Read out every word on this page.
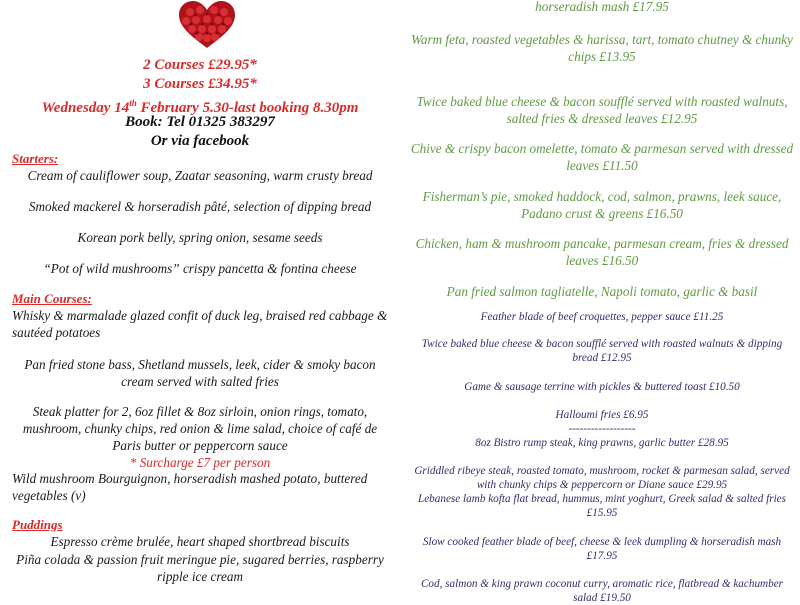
2 Courses £29.95*
3 Courses £34.95*
Wednesday 14th February 5.30-last booking 8.30pm
Book: Tel 01325 383297
Or via facebook
Starters:
Cream of cauliflower soup, Zaatar seasoning, warm crusty bread
Smoked mackerel & horseradish pâté, selection of dipping bread
Korean pork belly, spring onion, sesame seeds
“Pot of wild mushrooms” crispy pancetta & fontina cheese
Main Courses:
Whisky & marmalade glazed confit of duck leg, braised red cabbage & sautéed potatoes
Pan fried stone bass, Shetland mussels, leek, cider & smoky bacon cream served with salted fries
Steak platter for 2, 6oz fillet & 8oz sirloin, onion rings, tomato, mushroom, chunky chips, red onion & lime salad, choice of café de Paris butter or peppercorn sauce
* Surcharge £7 per person
Wild mushroom Bourguignon, horseradish mashed potato, buttered vegetables (v)
Puddings
Espresso crème brulée, heart shaped shortbread biscuits
Piña colada & passion fruit meringue pie, sugared berries, raspberry ripple ice cream
horseradish mash £17.95
Warm feta, roasted vegetables & harissa, tart, tomato chutney & chunky chips £13.95
Twice baked blue cheese & bacon soufflé served with roasted walnuts, salted fries & dressed leaves £12.95
Chive & crispy bacon omelette, tomato & parmesan served with dressed leaves £11.50
Fisherman’s pie, smoked haddock, cod, salmon, prawns, leek sauce, Padano crust & greens £16.50
Chicken, ham & mushroom pancake, parmesan cream, fries & dressed leaves £16.50
Pan fried salmon tagliatelle, Napoli tomato, garlic & basil
Feather blade of beef croquettes, pepper sauce £11.25
Twice baked blue cheese & bacon soufflé served with roasted walnuts & dipping bread £12.95
Game & sausage terrine with pickles & buttered toast £10.50
Halloumi fries £6.95
------------------
8oz Bistro rump steak, king prawns, garlic butter £28.95
Griddled ribeye steak, roasted tomato, mushroom, rocket & parmesan salad, served with chunky chips & peppercorn or Diane sauce £29.95
Lebanese lamb kofta flat bread, hummus, mint yoghurt, Greek salad & salted fries £15.95
Slow cooked feather blade of beef, cheese & leek dumpling & horseradish mash £17.95
Cod, salmon & king prawn coconut curry, aromatic rice, flatbread & kachumber salad £19.50
